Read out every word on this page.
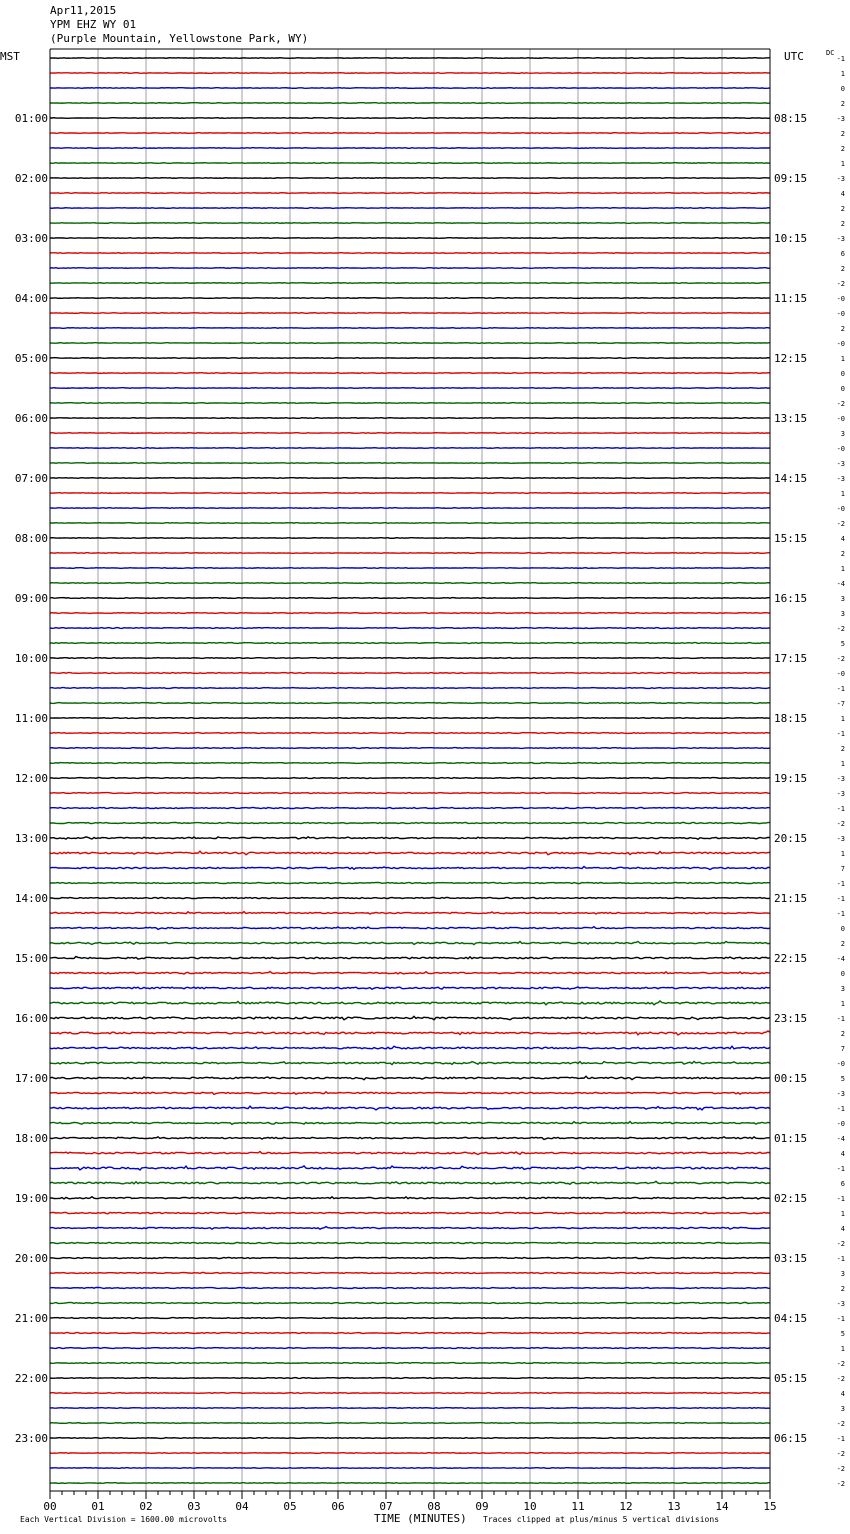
Apr11,2015
YPM EHZ WY 01
(Purple Mountain, Yellowstone Park, WY)
MST	UTC	DC
00	01	02	03	04	05	06	07	08	09	10	11	12	13	14	15
01:00
02:00
03:00
04:00
05:00
06:00
07:00
08:00
09:00
10:00
11:00
12:00
13:00
14:00
15:00
16:00
17:00
18:00
19:00
20:00
21:00
22:00
23:00
08:15
09:15
10:15
11:15
12:15
13:15
14:15
15:15
16:15
17:15
18:15
19:15
20:15
21:15
22:15
23:15
00:15
01:15
02:15
03:15
04:15
05:15
06:15
-1
1
0
2
-3
2
2
1
-3
4
2
2
-3
6
2
-2
-0
-0
2
-0
1
0
0
-2
-0
3
-0
-3
-3
1
-0
-2
4
2
1
-4
3
3
-2
5
-2
-0
-1
-7
1
-1
2
1
-3
-3
-1
-2
-3
1
7
-1
-1
-1
0
2
-4
0
3
1
-1
2
7
-0
5
-3
-1
-0
-4
4
-1
6
-1
1
4
-2
-1
3
2
-3
-1
5
1
-2
-2
4
3
-2
-1
-2
-2
-2
Each Vertical Division = 1600.00 microvolts	TIME (MINUTES) Traces clipped at plus/minus 5 vertical divisions
